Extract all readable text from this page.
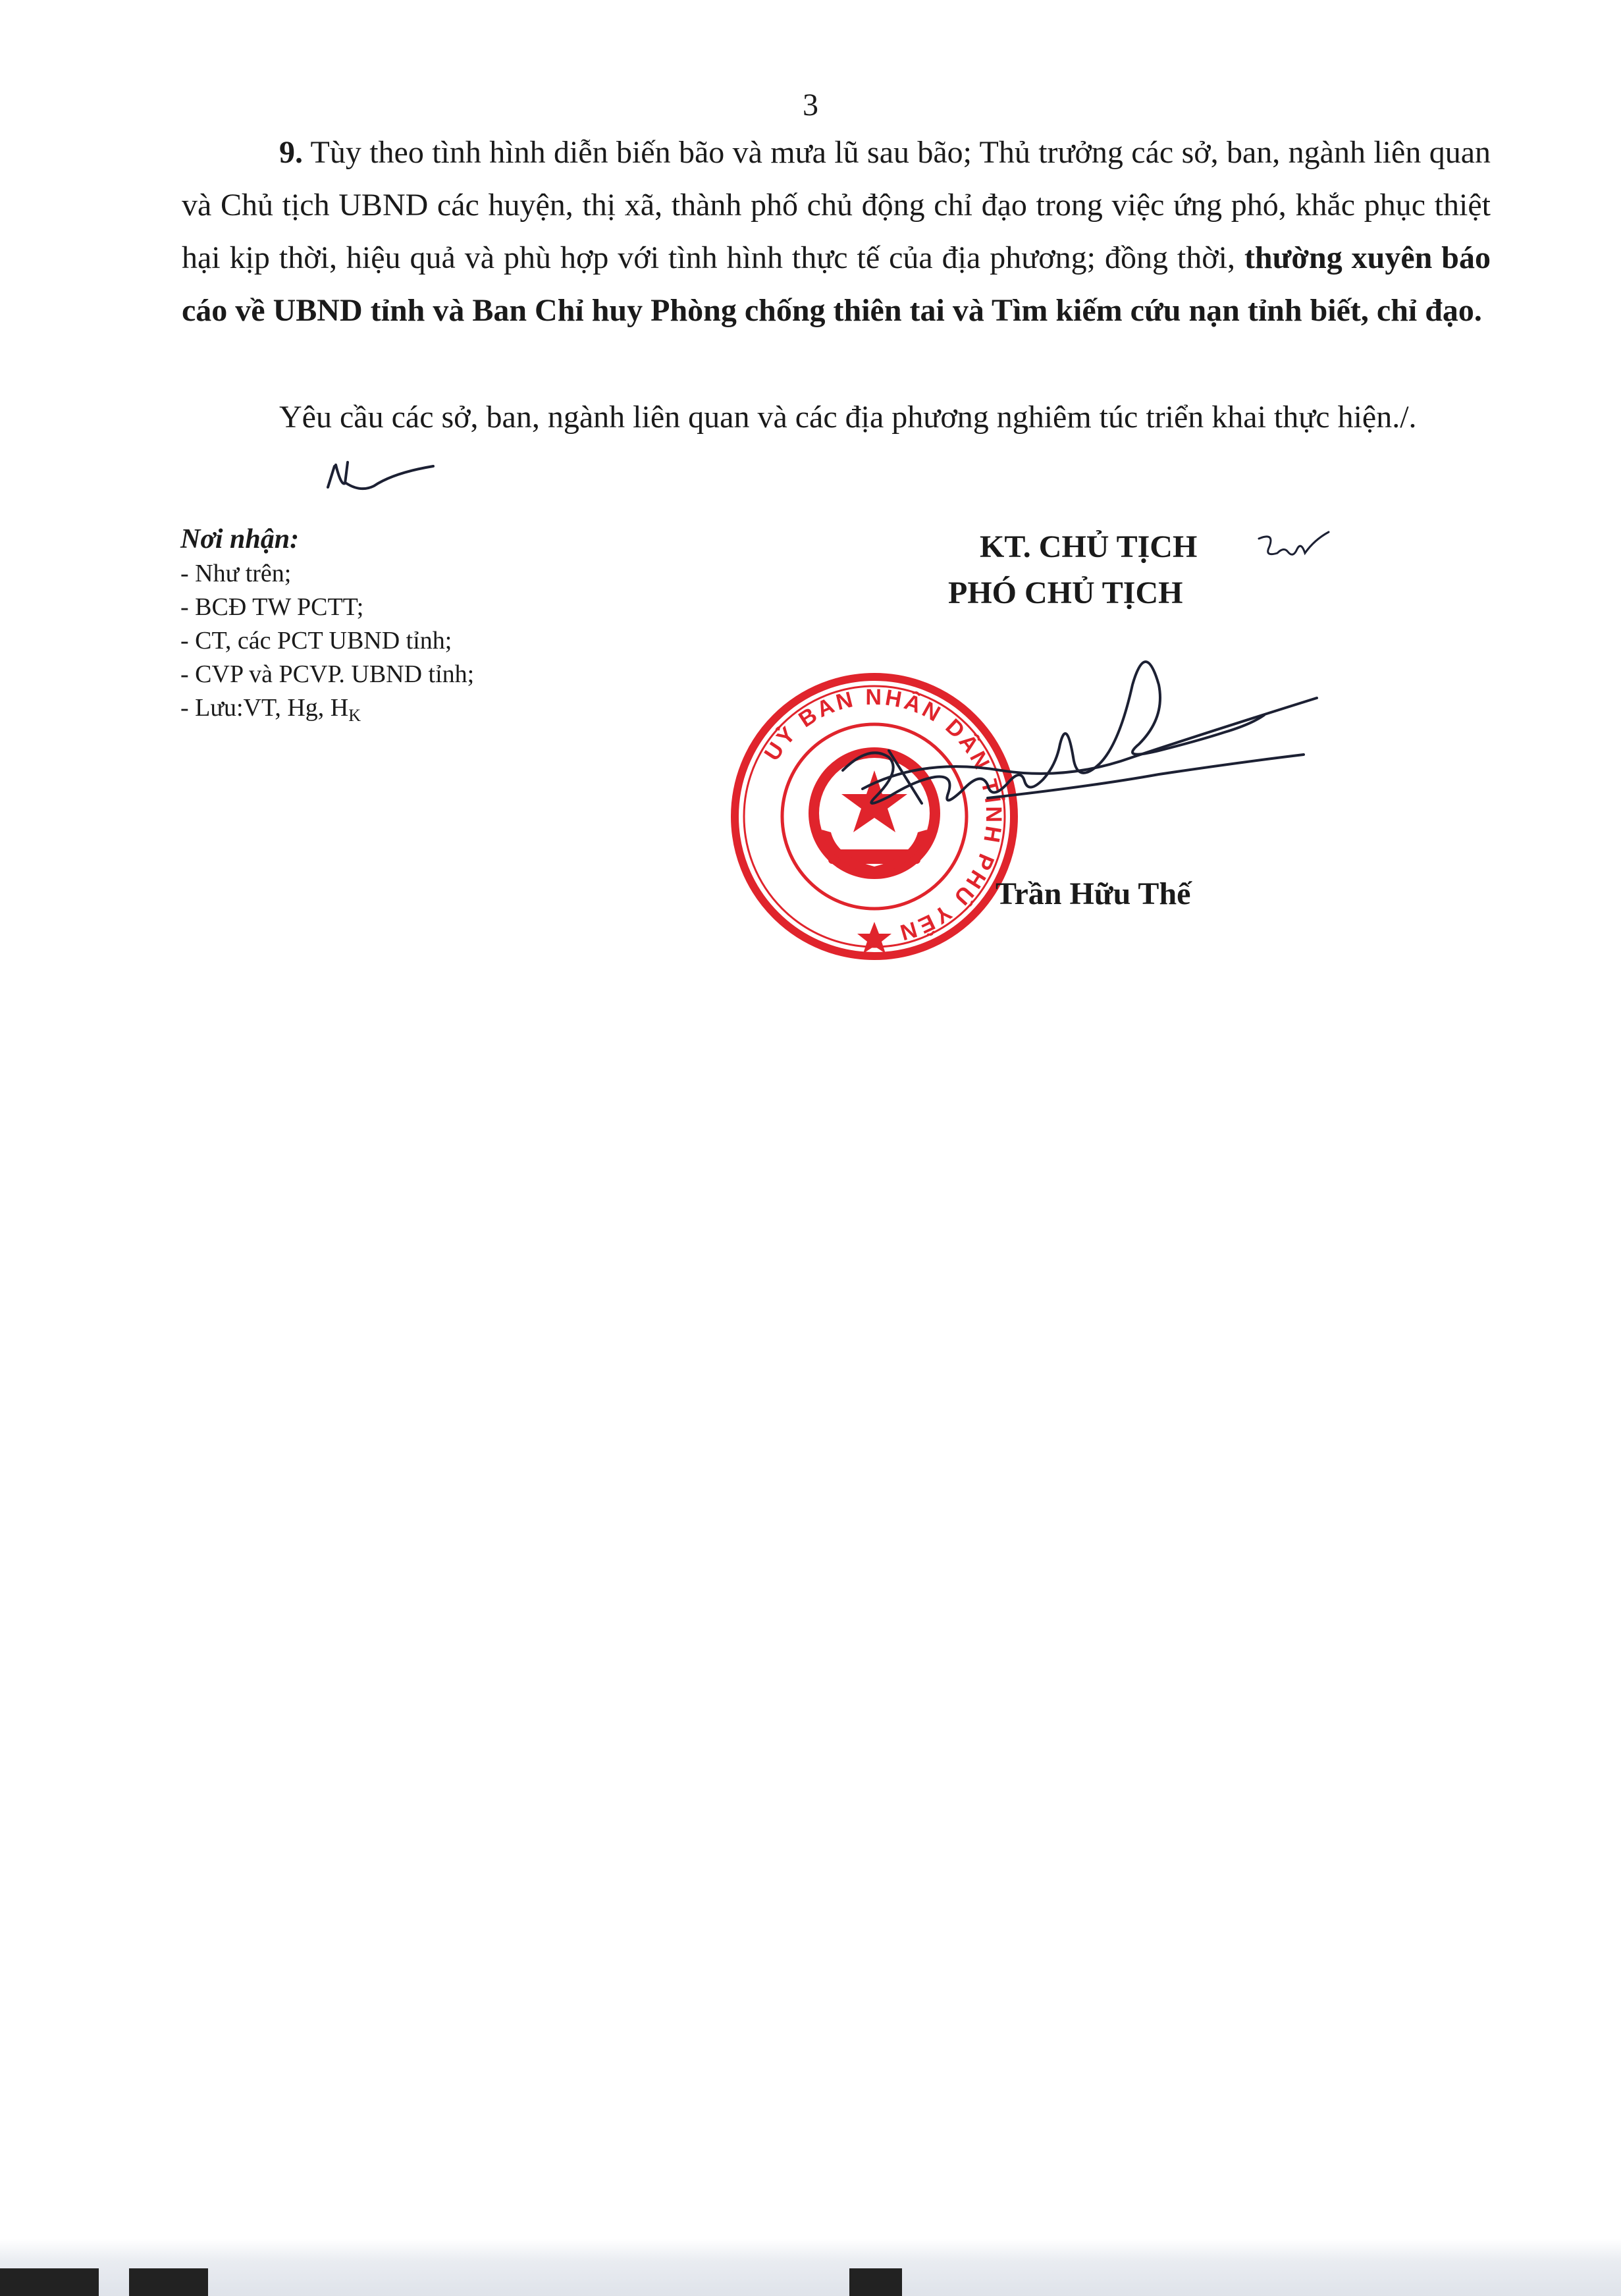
3
9. Tùy theo tình hình diễn biến bão và mưa lũ sau bão; Thủ trưởng các sở, ban, ngành liên quan và Chủ tịch UBND các huyện, thị xã, thành phố chủ động chỉ đạo trong việc ứng phó, khắc phục thiệt hại kịp thời, hiệu quả và phù hợp với tình hình thực tế của địa phương; đồng thời, thường xuyên báo cáo về UBND tỉnh và Ban Chỉ huy Phòng chống thiên tai và Tìm kiếm cứu nạn tỉnh biết, chỉ đạo.
Yêu cầu các sở, ban, ngành liên quan và các địa phương nghiêm túc triển khai thực hiện./.
Nơi nhận:
- Như trên;
- BCĐ TW PCTT;
- CT, các PCT UBND tỉnh;
- CVP và PCVP. UBND tỉnh;
- Lưu:VT, Hg, $H_K$
KT. CHỦ TỊCH
PHÓ CHỦ TỊCH
UỶ BAN NHÂN DÂN TỈNH PHÚ YÊN
Trần Hữu Thế
